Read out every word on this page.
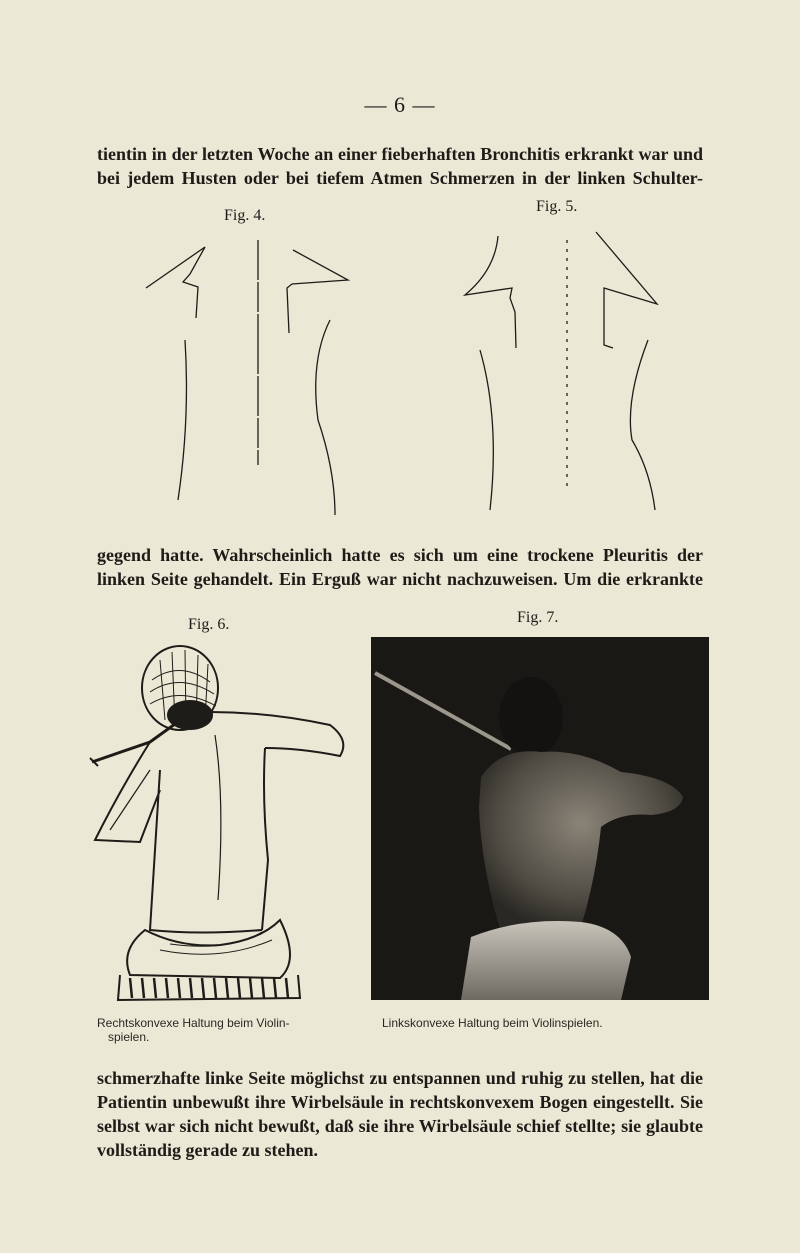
— 6 —
tientin in der letzten Woche an einer fieberhaften Bronchitis erkrankt war und
bei jedem Husten oder bei tiefem Atmen Schmerzen in der linken Schulter-
Fig. 4.
Fig. 5.
gegend hatte. Wahrscheinlich hatte es sich um eine trockene Pleuritis der
linken Seite gehandelt. Ein Erguß war nicht nachzuweisen. Um die erkrankte
Fig. 6.	Fig. 7.
Rechtskonvexe Haltung beim Violin-
spielen.
Linkskonvexe Haltung beim Violinspielen.
schmerzhafte linke Seite möglichst zu entspannen und ruhig zu stellen, hat die
Patientin unbewußt ihre Wirbelsäule in rechtskonvexem Bogen eingestellt. Sie
selbst war sich nicht bewußt, daß sie ihre Wirbelsäule schief stellte; sie glaubte
vollständig gerade zu stehen.
